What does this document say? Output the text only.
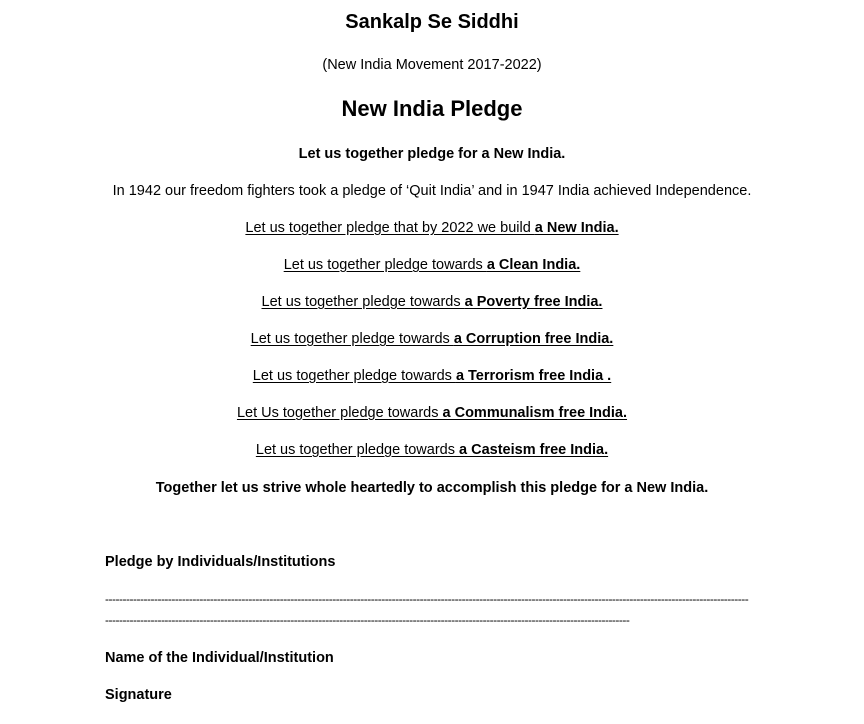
Sankalp Se Siddhi
(New India Movement 2017-2022)
New India Pledge
Let us together pledge for a New India.
In 1942 our freedom fighters took a pledge of ‘Quit India’ and in 1947 India achieved Independence.
Let us together pledge that by 2022 we build a New India.
Let us together pledge towards a Clean India.
Let us together pledge towards a Poverty free India.
Let us together pledge towards a Corruption free India.
Let us together pledge towards a Terrorism free India .
Let Us together pledge towards a Communalism free India.
Let us together pledge towards a Casteism free India.
Together let us strive whole heartedly to accomplish this pledge for a New India.
Pledge by Individuals/Institutions
----------------------------------------------------------------------------------------------------------------------------------------------------------------------------------------
------------------------------------------------------------------------------------------------------------------------------------------------------
Name of the Individual/Institution
Signature
